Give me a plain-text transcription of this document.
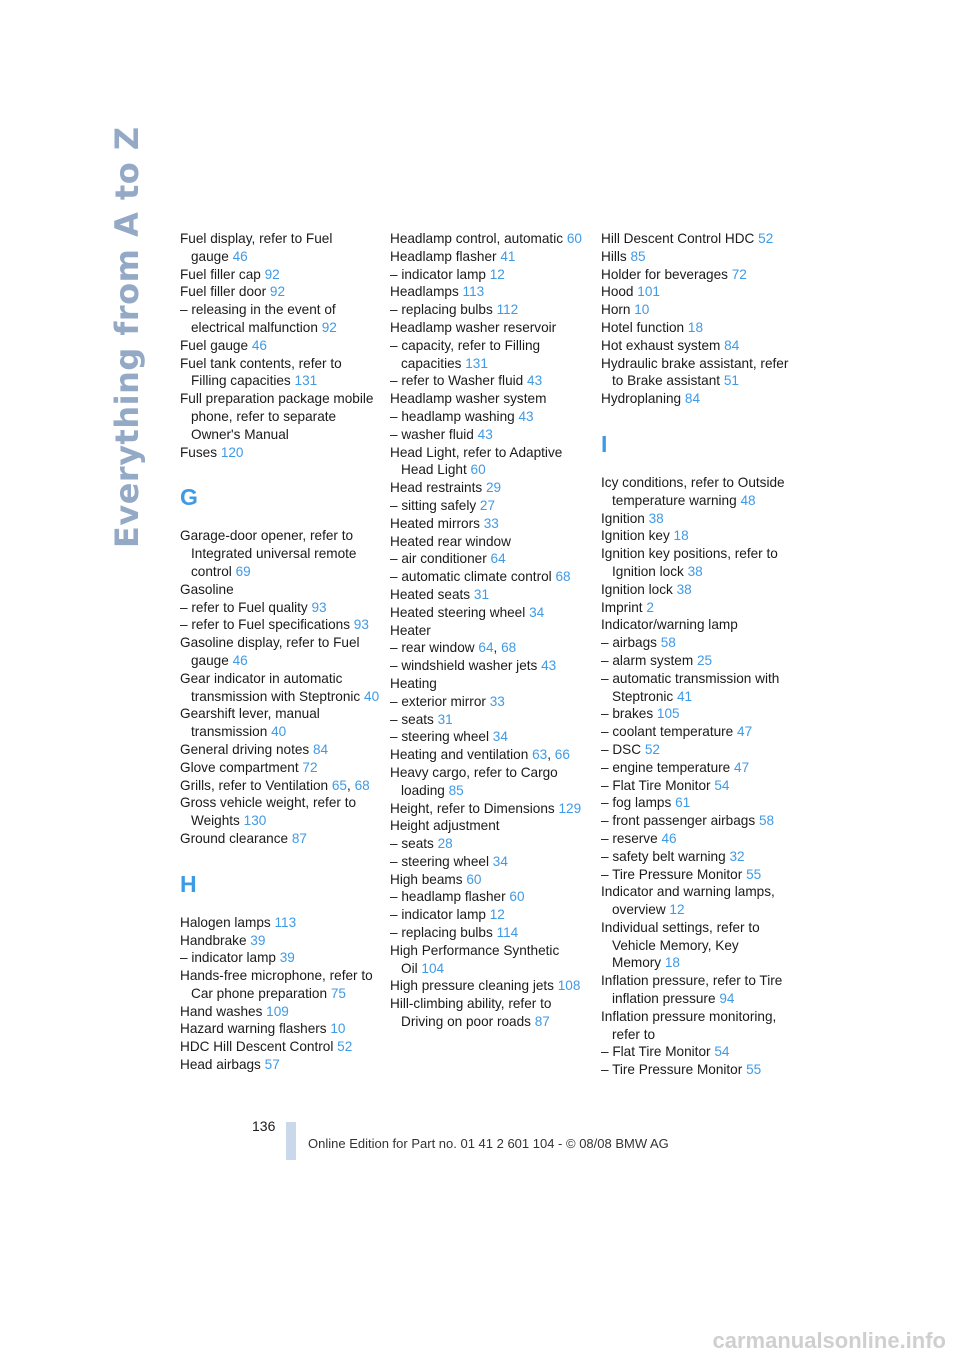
Everything from A to Z	Fuel display, refer to Fuel gauge 46
Fuel filler cap 92
Fuel filler door 92
– releasing in the event of electrical malfunction 92
Fuel gauge 46
Fuel tank contents, refer to Filling capacities 131
Full preparation package mobile phone, refer to separate Owner's Manual
Fuses 120
G
Garage-door opener, refer to Integrated universal remote control 69
Gasoline
– refer to Fuel quality 93
– refer to Fuel specifications 93
Gasoline display, refer to Fuel gauge 46
Gear indicator in automatic transmission with Steptronic 40
Gearshift lever, manual transmission 40
General driving notes 84
Glove compartment 72
Grills, refer to Ventilation 65, 68
Gross vehicle weight, refer to Weights 130
Ground clearance 87
H
Halogen lamps 113
Handbrake 39
– indicator lamp 39
Hands-free microphone, refer to Car phone preparation 75
Hand washes 109
Hazard warning flashers 10
HDC Hill Descent Control 52
Head airbags 57
Headlamp control, automatic 60
Headlamp flasher 41
– indicator lamp 12
Headlamps 113
– replacing bulbs 112
Headlamp washer reservoir
– capacity, refer to Filling capacities 131
– refer to Washer fluid 43
Headlamp washer system
– headlamp washing 43
– washer fluid 43
Head Light, refer to Adaptive Head Light 60
Head restraints 29
– sitting safely 27
Heated mirrors 33
Heated rear window
– air conditioner 64
– automatic climate control 68
Heated seats 31
Heated steering wheel 34
Heater
– rear window 64, 68
– windshield washer jets 43
Heating
– exterior mirror 33
– seats 31
– steering wheel 34
Heating and ventilation 63, 66
Heavy cargo, refer to Cargo loading 85
Height, refer to Dimensions 129
Height adjustment
– seats 28
– steering wheel 34
High beams 60
– headlamp flasher 60
– indicator lamp 12
– replacing bulbs 114
High Performance Synthetic Oil 104
High pressure cleaning jets 108
Hill-climbing ability, refer to Driving on poor roads 87
Hill Descent Control HDC 52
Hills 85
Holder for beverages 72
Hood 101
Horn 10
Hotel function 18
Hot exhaust system 84
Hydraulic brake assistant, refer to Brake assistant 51
Hydroplaning 84
I
Icy conditions, refer to Outside temperature warning 48
Ignition 38
Ignition key 18
Ignition key positions, refer to Ignition lock 38
Ignition lock 38
Imprint 2
Indicator/warning lamp
– airbags 58
– alarm system 25
– automatic transmission with Steptronic 41
– brakes 105
– coolant temperature 47
– DSC 52
– engine temperature 47
– Flat Tire Monitor 54
– fog lamps 61
– front passenger airbags 58
– reserve 46
– safety belt warning 32
– Tire Pressure Monitor 55
Indicator and warning lamps, overview 12
Individual settings, refer to Vehicle Memory, Key Memory 18
Inflation pressure, refer to Tire inflation pressure 94
Inflation pressure monitoring, refer to
– Flat Tire Monitor 54
– Tire Pressure Monitor 55
136
Online Edition for Part no. 01 41 2 601 104 - © 08/08 BMW AG
carmanualsonline.info
